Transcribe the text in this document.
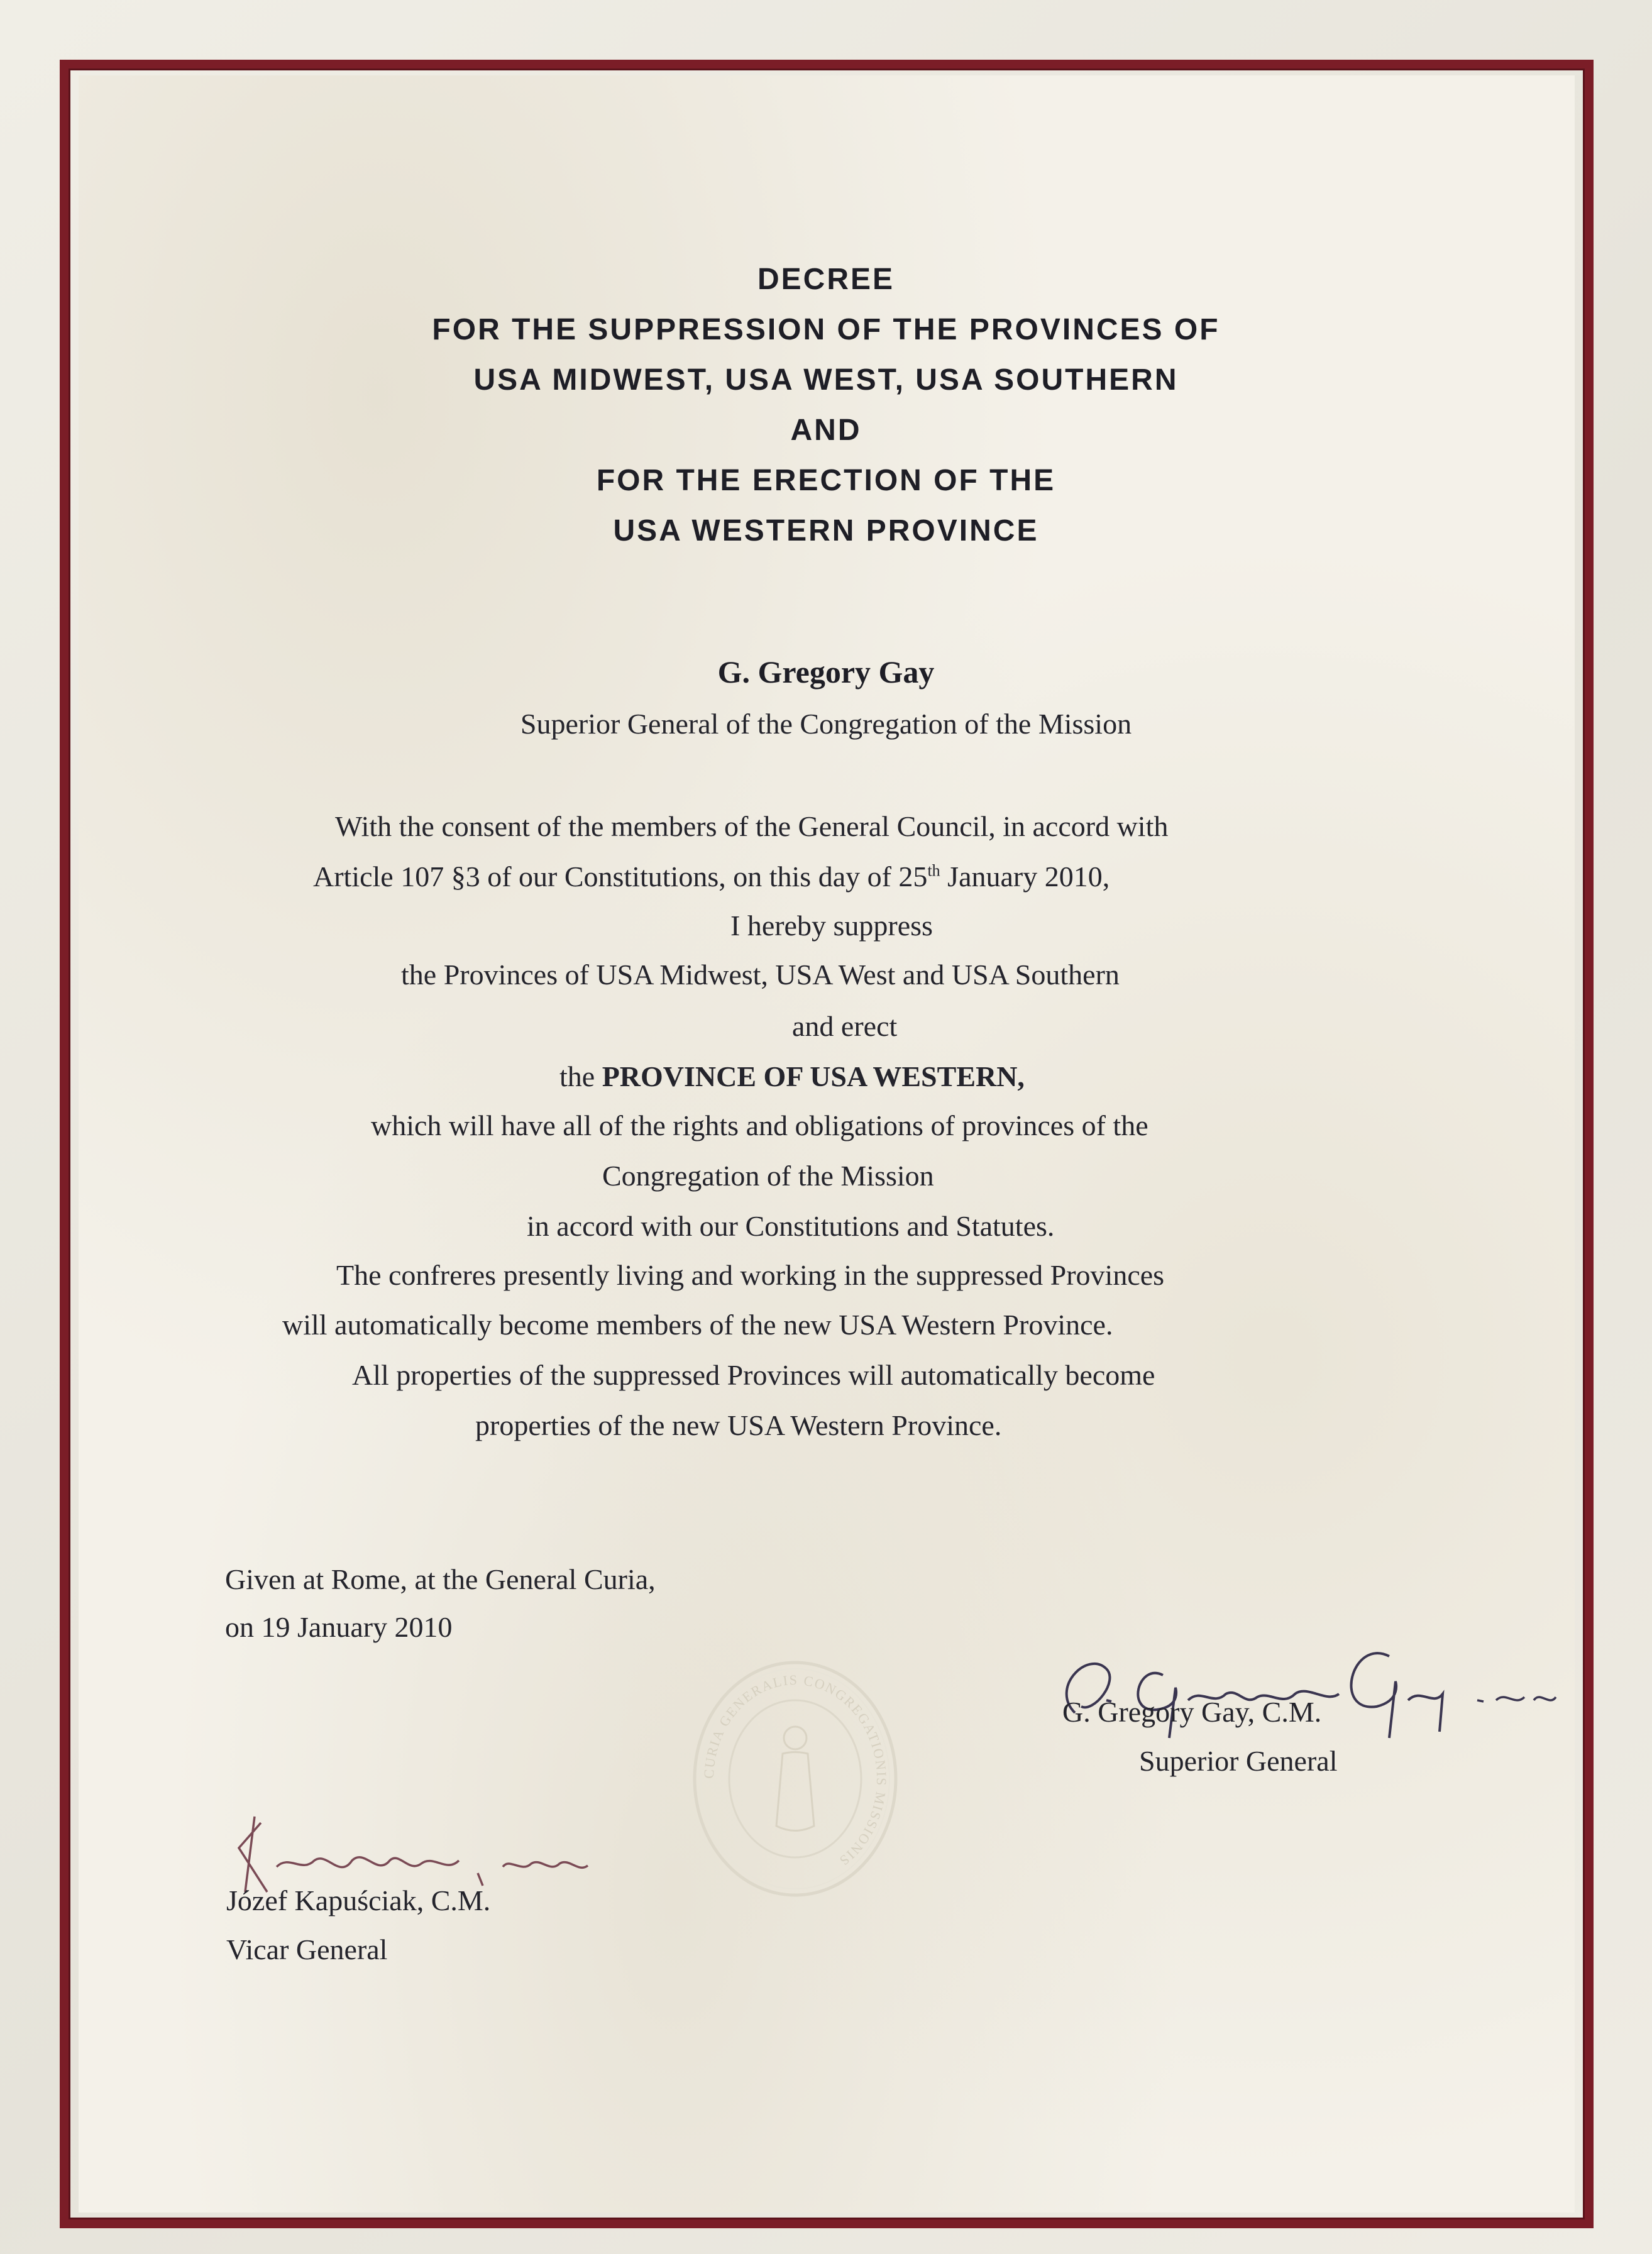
DECREE
FOR THE SUPPRESSION OF THE PROVINCES OF
USA MIDWEST, USA WEST, USA SOUTHERN
AND
FOR THE ERECTION OF THE
USA WESTERN PROVINCE
G. Gregory Gay
Superior General of the Congregation of the Mission
With the consent of the members of the General Council, in accord with
Article 107 §3 of our Constitutions, on this day of 25th January 2010,
I hereby suppress
the Provinces of USA Midwest, USA West and USA Southern
and erect
the PROVINCE OF USA WESTERN,
which will have all of the rights and obligations of provinces of the
Congregation of the Mission
in accord with our Constitutions and Statutes.
The confreres presently living and working in the suppressed Provinces
will automatically become members of the new USA Western Province.
All properties of the suppressed Provinces will automatically become
properties of the new USA Western Province.
Given at Rome, at the General Curia,
on 19 January 2010
CURIA GENERALIS CONGREGATIONIS MISSIONIS
G. Gregory Gay, C.M.
Superior General
Józef Kapuściak, C.M.
Vicar General
